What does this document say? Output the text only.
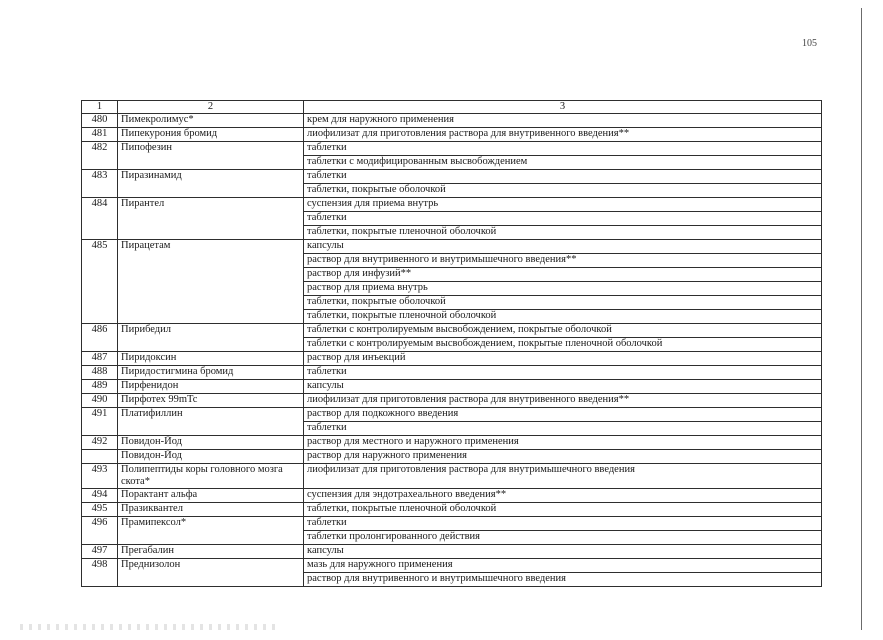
105
1	2	3
480	Пимекролимус*	крем для наружного применения
481	Пипекурония бромид	лиофилизат для приготовления раствора для внутривенного введения**
482	Пипофезин	таблетки
		таблетки с модифицированным высвобождением
483	Пиразинамид	таблетки
		таблетки, покрытые оболочкой
484	Пирантел	суспензия для приема внутрь
		таблетки
		таблетки, покрытые пленочной оболочкой
485	Пирацетам	капсулы
		раствор для внутривенного и внутримышечного введения**
		раствор для инфузий**
		раствор для приема внутрь
		таблетки, покрытые оболочкой
		таблетки, покрытые пленочной оболочкой
486	Пирибедил	таблетки с контролируемым высвобождением, покрытые оболочкой
		таблетки с контролируемым высвобождением, покрытые пленочной оболочкой
487	Пиридоксин	раствор для инъекций
488	Пиридостигмина бромид	таблетки
489	Пирфенидон	капсулы
490	Пирфотех 99mTc	лиофилизат для приготовления раствора для внутривенного введения**
491	Платифиллин	раствор для подкожного введения
		таблетки
492	Повидон-Йод	раствор для местного и наружного применения
	Повидон-Йод	раствор для наружного применения
493	Полипептиды коры головного мозга скота*	лиофилизат для приготовления раствора для внутримышечного введения
494	Порактант альфа	суспензия для эндотрахеального введения**
495	Празиквантел	таблетки, покрытые пленочной оболочкой
496	Прамипексол*	таблетки
		таблетки пролонгированного действия
497	Прегабалин	капсулы
498	Преднизолон	мазь для наружного применения
		раствор для внутривенного и внутримышечного введения
